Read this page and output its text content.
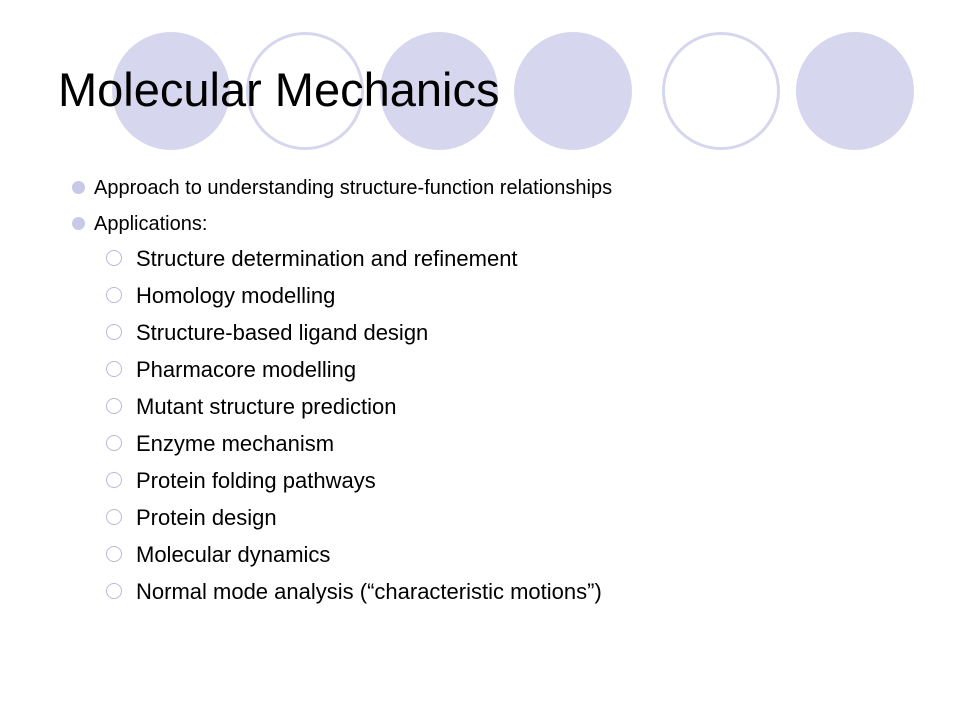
Molecular Mechanics
Approach to understanding structure-function relationships
Applications:
Structure determination and refinement
Homology modelling
Structure-based ligand design
Pharmacore modelling
Mutant structure prediction
Enzyme mechanism
Protein folding pathways
Protein design
Molecular dynamics
Normal mode analysis (“characteristic motions”)
